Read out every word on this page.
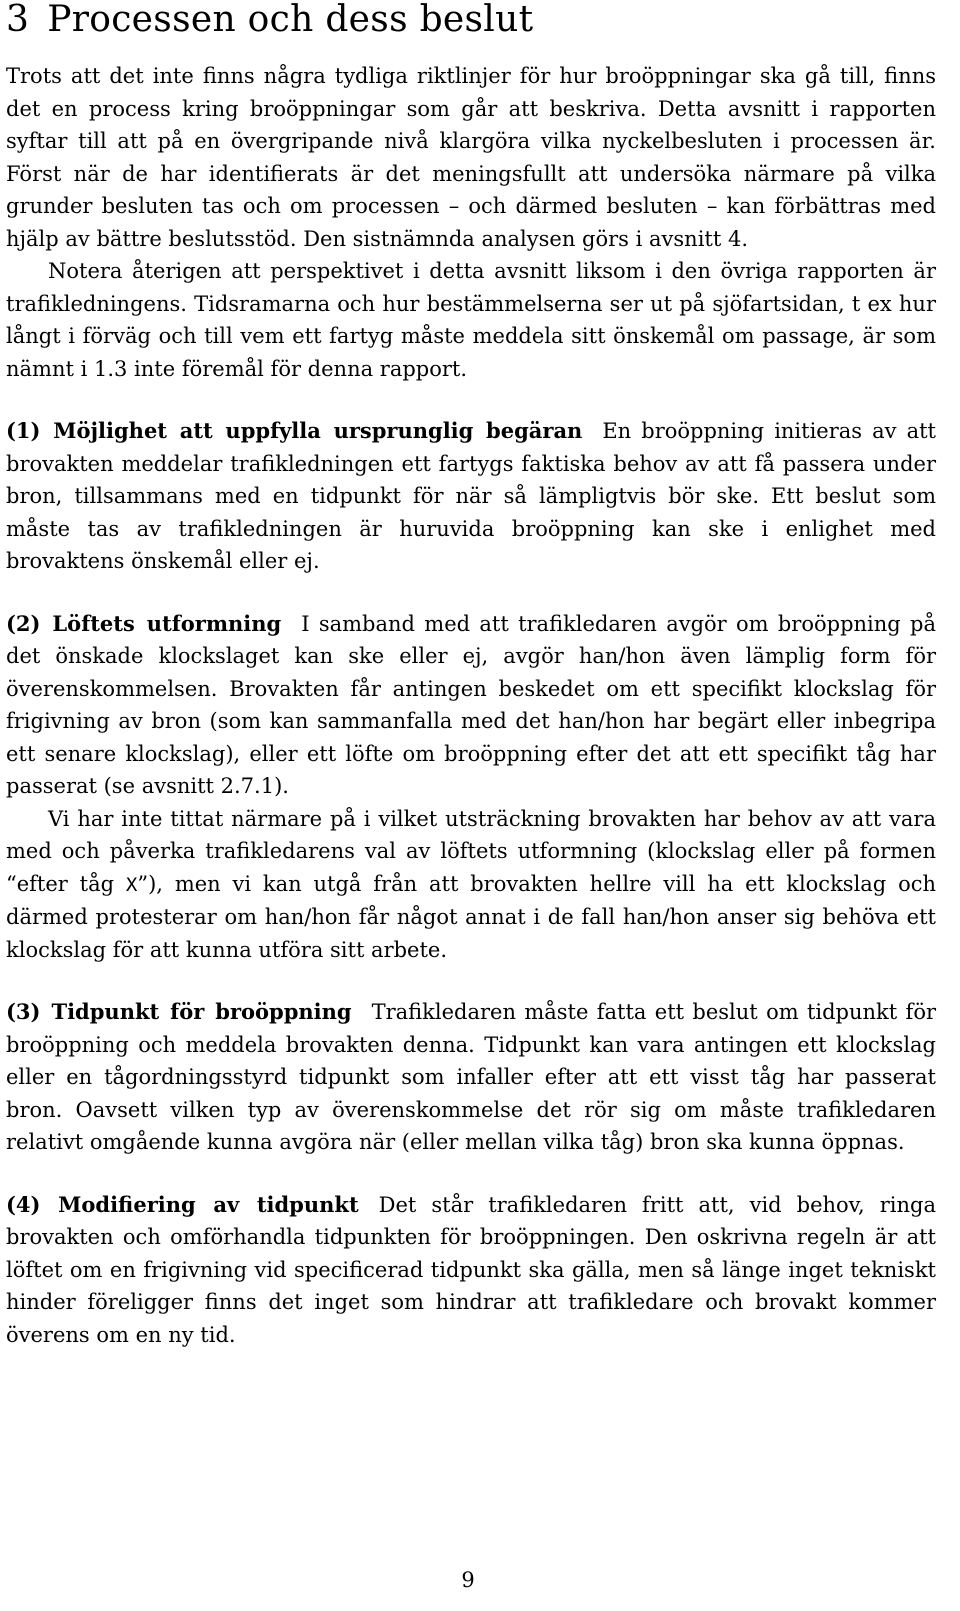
3 Processen och dess beslut

Trots att det inte finns några tydliga riktlinjer för hur broöppningar ska gå till, finns det en process kring broöppningar som går att beskriva. Detta avsnitt i rapporten syftar till att på en övergripande nivå klargöra vilka nyckelbesluten i processen är. Först när de har identifierats är det meningsfullt att undersöka närmare på vilka grunder besluten tas och om processen – och därmed besluten – kan förbättras med hjälp av bättre beslutsstöd. Den sistnämnda analysen görs i avsnitt 4.

Notera återigen att perspektivet i detta avsnitt liksom i den övriga rapporten är trafikledningens. Tidsramarna och hur bestämmelserna ser ut på sjöfartsidan, t ex hur långt i förväg och till vem ett fartyg måste meddela sitt önskemål om passage, är som nämnt i 1.3 inte föremål för denna rapport.

(1) Möjlighet att uppfylla ursprunglig begäran En broöppning initieras av att brovakten meddelar trafikledningen ett fartygs faktiska behov av att få passera under bron, tillsammans med en tidpunkt för när så lämpligtvis bör ske. Ett beslut som måste tas av trafikledningen är huruvida broöppning kan ske i enlighet med brovaktens önskemål eller ej.

(2) Löftets utformning I samband med att trafikledaren avgör om broöppning på det önskade klockslaget kan ske eller ej, avgör han/hon även lämplig form för överenskommelsen. Brovakten får antingen beskedet om ett specifikt klockslag för frigivning av bron (som kan sammanfalla med det han/hon har begärt eller inbegripa ett senare klockslag), eller ett löfte om broöppning efter det att ett specifikt tåg har passerat (se avsnitt 2.7.1).

Vi har inte tittat närmare på i vilket utsträckning brovakten har behov av att vara med och påverka trafikledarens val av löftets utformning (klockslag eller på formen “efter tåg X”), men vi kan utgå från att brovakten hellre vill ha ett klockslag och därmed protesterar om han/hon får något annat i de fall han/hon anser sig behöva ett klockslag för att kunna utföra sitt arbete.

(3) Tidpunkt för broöppning Trafikledaren måste fatta ett beslut om tidpunkt för broöppning och meddela brovakten denna. Tidpunkt kan vara antingen ett klockslag eller en tågordningsstyrd tidpunkt som infaller efter att ett visst tåg har passerat bron. Oavsett vilken typ av överenskommelse det rör sig om måste trafikledaren relativt omgående kunna avgöra när (eller mellan vilka tåg) bron ska kunna öppnas.

(4) Modifiering av tidpunkt Det står trafikledaren fritt att, vid behov, ringa brovakten och omförhandla tidpunkten för broöppningen. Den oskrivna regeln är att löftet om en frigivning vid specificerad tidpunkt ska gälla, men så länge inget tekniskt hinder föreligger finns det inget som hindrar att trafikledare och brovakt kommer överens om en ny tid.

9
